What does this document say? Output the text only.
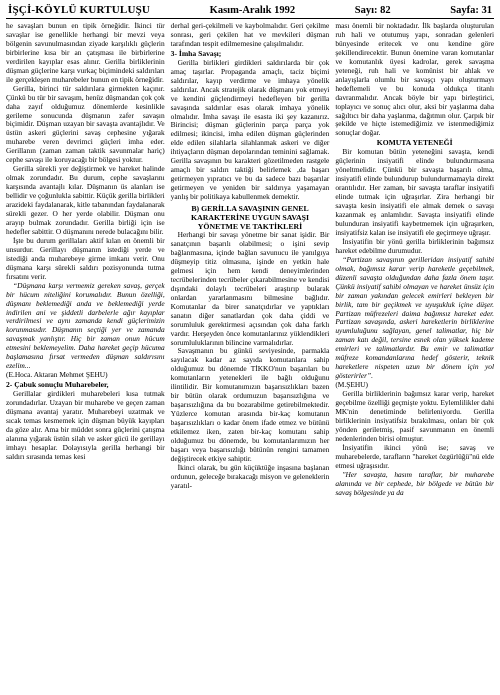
İŞÇİ-KÖYLÜ KURTULUŞU	Kasım-Aralık 1992	Sayı: 82	Sayfa: 31

he savaşları bunun en tipik örneğidir. İkinci tür savaşlar ise genellikle herhangi bir mevzi veya bölgenin savunulmasından ziyade karşılıklı güçlerin birbirlerine kısa bir an çatışması ile birbirlerine verdirilen kayıplar esas alınır. Gerilla birliklerinin düşman güçlerine karşı vurkaç biçimindeki saldırıları ile gerçekleşen muharebeler bunun en tipik örneğidir.

Gerilla, birinci tür saldırılara girmekten kaçınır. Çünkü bu tür bir savaşım, henüz düşmandan çok çok daha zayıf olduğumuz dönemlerde kesinlikle gerileme sonucunda düşmanın zafer savaşın biçimidir. Düşman uzayan bir savaşta avantajlıdır. Ve üstün askeri güçlerini savaş cephesine yığarak muharebe veren devrimci güçleri imha eder. Gerillanın (zaman zaman taktik savunmalar hariç) cephe savaşı ile koruyacağı bir bölgesi yoktur.

Gerilla sürekli yer değiştirmek ve hareket halinde olmak zorundadır. Bu durum, cephe savaşlarını karşısında avantajlı kılar. Düşmanın üs alanları ise bellidir ve çoğunlukla sabittir. Küçük gerilla birlikleri arazideki faydalanarak, kitle tabanından faydalanarak sürekli gezer. O her yerde olabilir. Düşman onu arayıp bulmak zorundadır. Gerilla birliği için ise hedefler sabittir. O düşmanını nerede bulacağını bilir.

İşte bu durum gerillaları aktif kılan en önemli bir unsurdur. Gerillayı düşmanın istediği yerde ve istediği anda muharebeye girme imkanı verir. Onu düşmana karşı sürekli saldırı pozisyonunda tutma fırsatını verir.

“Düşmana karşı vermemiz gereken savaş, gerçek bir hücum niteliğini korumalıdır. Bunun özelliği, düşmanı beklemediği anda ve beklemediği yerde indirilen ani ve şiddetli darbelerle ağır kayıplar verdirilmesi ve aynı zamanda kendi güçlerimizin korunmasıdır. Düşmanın seçtiği yer ve zamanda savaşmak yanlıştır. Hiç bir zaman onun hücum etmesini beklemeyelim. Daha hareket geçip hücuma başlamasına fırsat vermeden düşman saldırısını ezelim...

(E.Hoca. Aktaran Mehmet ŞEHU)

2- Çabuk sonuçlu Muharebeler,

Gerillalar girdikleri muharebeleri kısa tutmak zorundadırlar. Uzayan bir muharebe ve geçen zaman düşmana avantaj yaratır. Muharebeyi uzatmak ve sıcak temas kesmemek için düşman büyük kayıpları da göze alır. Ama bir müddet sonra güçlerini çatışma alanına yığarak üstün silah ve asker gücü ile gerillayı imhayı hesaplar. Dolayısıyla gerilla herhangi bir saldırı sırasında temas kesi

derhal geri-çekilmeli ve kaybolmalıdır. Geri çekilme sonrası, geri çekilen hat ve mevkileri düşman tarafından tespit edilmemesine çalışılmalıdır.

3- İmha Savaşı;

Gerilla birlikleri girdikleri saldırılarda bir çok amaç taşırlar. Propaganda amaçlı, taciz biçimi saldırılar, kayıp verdirme ve imhaya yönelik saldırılar. Ancak stratejik olarak düşmanı yok etmeyi ve kendini güçlendirmeyi hedefleyen bir gerilla savaşında saldırılar esas olarak imhaya yönelik olmalıdır. İmha savaşı ile esasta iki şey kazanırız. Birincisi; düşman güçlerinin parça parça yok edilmesi; ikincisi, imha edilen düşman güçlerinden elde edilen silahlarla silahlanmak askeri ve diğer ihtiyaçların düşman depolarından teminini sağlamak. Gerilla savaşının bu karakteri gözetilmeden rastgele amaçlı bir saldırı taktiği belirlemek ,da başarı getirmeyen yıpratıcı ve bu da sadece bazı başarılar getirmeyen ve yeniden bir saldırıya yaşamayan yanlış bir politikaya kabullenmek demektir.

B) GERİLLA SAVAŞININ GENEL KARAKTERİNE UYGUN SAVAŞI YÖNETME VE TAKTİKLERİ

Herhangi bir savaşı yönetme bir sanat işidir. Bir sanatçının başarılı olabilmesi; o işini sevip bağlanmasına, içinde bağlan savunucu ile yanılgıya düşmeyip titiz olmasına, işinde en yetkin hale gelmesi için hem kendi deneyimlerinden tecrübelerinden tecrübeler çıkarabilmesine ve kendisi dışındaki dolaylı tecrübeleri araştırıp bularak onlardan yararlanmasını bilmesine bağlıdır. Komutanlar da birer sanatçıdırlar ve yaptıkları sanatın diğer sanatlardan çok daha çiddi ve sorumluluk gerektirmesi açısından çok daha farklı vardır. Herşeyden önce komutanlarınız yüklendikleri sorumluluklarının bilincine varmalıdırlar.

Savaşmanın bu günkü seviyesinde, parmakla sayılacak kadar az sayıda komutanlara sahip olduğumuz bu dönemde TİKKO'nun başarıları bu komutanların yetenekleri ile bağlı olduğunu ilintilidir. Bir komutanımızın başarısızlıkları bazen bir bütün olarak ordumuzun başarısızlığına ve başarısızlığına da bu bozarabilme getirebilmektedir. Yüzlerce komutan arasında bir-kaç komutanın başarısızlıkları o kadar önem ifade etmez ve bütünü etkilemez iken, zaten bir-kaç komutanı sahip olduğumuz bu dönemde, bu komutanlarımızın her başarı veya başarısızlığı bütünün rengini tamamen değiştirecek etkiye sahiptir.

İkinci olarak, bu gün küçüktüğe inşasına başlanan ordunun, geleceğe bırakacağı misyon ve geleneklerin yaratıl-

ması önemli bir noktadadır. İlk başlarda oluşturulan ruh hali ve otutumuş yapı, sonradan gelenleri bünyesinde eritecek ve onu kendine göre şekillendirecektir. Bunun önemine varan komutanlar ve komutanlık üyesi kadrolar, gerek savaşma yeteneği, ruh hali ve komünist bir ahlak ve anlayışlarla olumlu bir savaşçı yapı oluşturmayı hedeflemeli ve bu konuda oldukça titanlı davranmalıdır. Ancak böyle bir yapı birleştirici, toplayıcı ve sonuç alıcı olur, aksi bir yaşlanma daha sağıltıcı bir daha yaşlanma, dağıtmın olur. Çarpık bir şekilde ve hiçte istemediğimiz ve istenmediğimiz sonuçlar doğar.

KOMUTA YETENEĞİ

Bir komutan bütün yeteneğini savaşta, kendi güçlerinin insiyatifi elinde bulundurmasına yöneltmelidir. Çünkü bir savaşta başarılı olma, insiyatifi elinde bulundurup bulundurmamayla direkt orantılıdır. Her zaman, bir savaşta taraflar insiyatifi elinde tutmak için uğraşırlar. Zira herhangi bir savaşta kesin insiyatifi ele almak demek o savaşı kazanmak eş anlamlıdır. Savaşta insiyatifi elinde bulunduran insiyatifi kaybetmemek için uğraşırken, insiyatifsiz kalan ise insiyatifi ele geçirmeye uğraşır.

İnsiyatifin bir yönü gerilla birliklerinin bağımsız hareket edebilme durumudur.

“Partizan savaşının gerilleridan insiyatif sahibi olmak, bağımsız karar verip hareketle geçebilmek, düzenli savaşta olduğundan daha fazla önem taşır. Çünkü insiyatif sahibi olmayan ve hareket ünsüz için bir zaman yakından gelecek emirleri bekleyen bir birlik, tam bir geçikmek ve uyuşukluk içine düşer. Partizan müfrezeleri daima bağımsız hareket eder. Partizan savaşında, askeri hareketlerin birliklerine uyumluluğunu sağlayan, genel talimatlar, hiç bir zaman katı değil, tersine esnek olan yüksek kademe emirleri ve talimatlardır. Bu emir ve talimatlar müfreze komandanlarına hedef gösterir, teknik hareketlere nispeten uzun bir dönem için yol gösterirler”.

(M.ŞEHU)

Gerilla birliklerinin bağımsız karar verip, hareket geçebilme özelliği geçmişte yoktu. Eylemlilikler dahi MK'nin denetiminde belirleniyordu. Gerilla birliklerinin insiyatifsiz bırakılması, onları bir çok yönden geriletmiş, pasif savunmanın en önemli nedenlerinden birisi olmuştur.

İnsiyatifin ikinci yönü ise; savaş ve muharebelerde, tarafların "hareket özgürlüğü"nü elde etmesi uğraşısıdır.

"Her savaşta, hasım taraflar, bir muharebe alanında ve bir cephede, bir bölgede ve bütün bir savaş bölgesinde ya da
